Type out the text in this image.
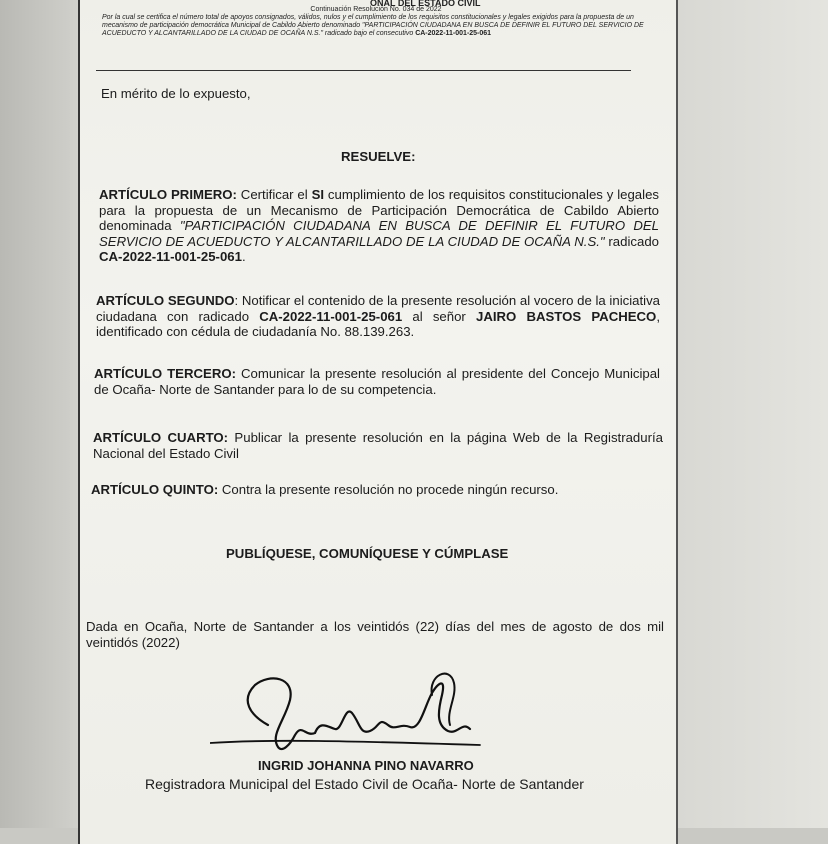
ONAL DEL ESTADO CIVIL
Continuación Resolución No. 034 de 2022
Por la cual se certifica el número total de apoyos consignados, válidos, nulos y el cumplimiento de los requisitos constitucionales y legales exigidos para la propuesta de un mecanismo de participación democrática Municipal de Cabildo Abierto denominado "PARTICIPACIÓN CIUDADANA EN BUSCA DE DEFINIR EL FUTURO DEL SERVICIO DE ACUEDUCTO Y ALCANTARILLADO DE LA CIUDAD DE OCAÑA N.S." radicado bajo el consecutivo CA-2022-11-001-25-061
En mérito de lo expuesto,
RESUELVE:
ARTÍCULO PRIMERO: Certificar el SI cumplimiento de los requisitos constitucionales y legales para la propuesta de un Mecanismo de Participación Democrática de Cabildo Abierto denominada "PARTICIPACIÓN CIUDADANA EN BUSCA DE DEFINIR EL FUTURO DEL SERVICIO DE ACUEDUCTO Y ALCANTARILLADO DE LA CIUDAD DE OCAÑA N.S." radicado CA-2022-11-001-25-061.
ARTÍCULO SEGUNDO: Notificar el contenido de la presente resolución al vocero de la iniciativa ciudadana con radicado CA-2022-11-001-25-061 al señor JAIRO BASTOS PACHECO, identificado con cédula de ciudadanía No. 88.139.263.
ARTÍCULO TERCERO: Comunicar la presente resolución al presidente del Concejo Municipal de Ocaña- Norte de Santander para lo de su competencia.
ARTÍCULO CUARTO: Publicar la presente resolución en la página Web de la Registraduría Nacional del Estado Civil
ARTÍCULO QUINTO: Contra la presente resolución no procede ningún recurso.
PUBLÍQUESE, COMUNÍQUESE Y CÚMPLASE
Dada en Ocaña, Norte de Santander a los veintidós (22) días del mes de agosto de dos mil veintidós (2022)
INGRID JOHANNA PINO NAVARRO
Registradora Municipal del Estado Civil de Ocaña- Norte de Santander
